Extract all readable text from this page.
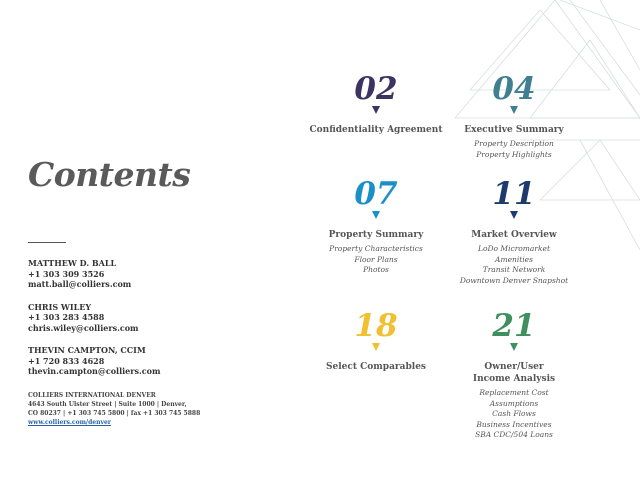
Contents
MATTHEW D. BALL
+1 303 309 3526
matt.ball@colliers.com
CHRIS WILEY
+1 303 283 4588
chris.wiley@colliers.com
THEVIN CAMPTON, CCIM
+1 720 833 4628
thevin.campton@colliers.com
COLLIERS INTERNATIONAL DENVER
4643 South Ulster Street | Suite 1000 | Denver,
CO 80237 | +1 303 745 5800 | fax +1 303 745 5888
www.colliers.com/denver
02
Confidentiality Agreement
04
Executive Summary
Property Description
Property Highlights
07
Property Summary
Property Characteristics
Floor Plans
Photos
11
Market Overview
LoDo Micromarket
Amenities
Transit Network
Downtown Denver Snapshot
18
Select Comparables
21
Owner/User Income Analysis
Replacement Cost
Assumptions
Cash Flows
Business Incentives
SBA CDC/504 Loans
